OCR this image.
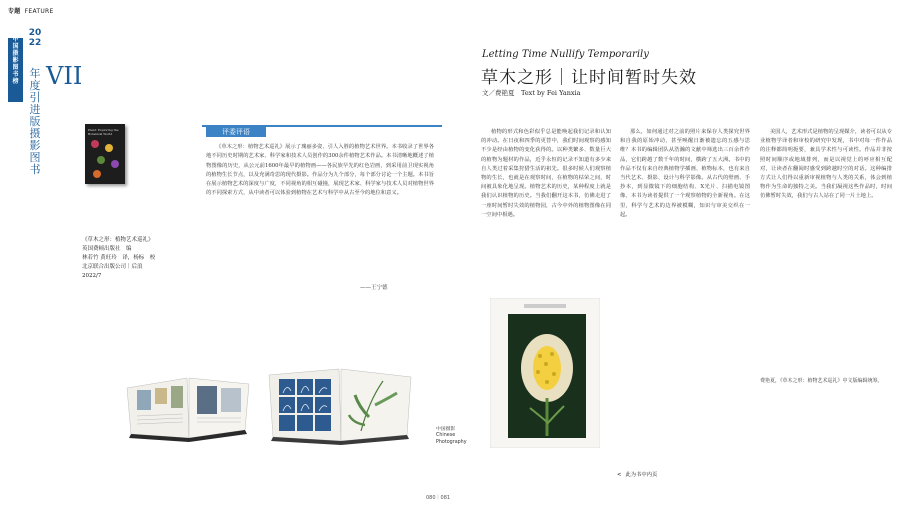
专题 FEATURE
中国摄影图书榜
2022
年度引进版摄影图书
VII
Plant: Exploring the Botanical World	评委评语
《草木之形：植物艺术巡礼》展示了瑰丽多姿、引人入胜的植物艺术世界。本书收录了世界各地不同历史时期的艺术家、科学家和技术人员创作的300余件植物艺术作品。本书清晰地概述了植物图像的历史，从公元前1600年最早的植物画——各民族早先的红色岩画，到采用前卫现实视角的植物生长节点，以及充满奇思的现代摄影。作品分为九个部分，每个部分讨论一个主题。本书旨在展示植物艺术的深度与广度，不同视角的相互碰撞，展现艺术家、科学家与技术人员对植物世界的不同探索方式，从中读者可以体验到植物在艺术与科学中从古至今的地位和意义。
——王宁德
《草木之形：植物艺术巡礼》
英国费顿出版社　编
林若竹 黄旺玲　译，杨标　校
北京联合出版公司｜后浪
2022/7
中国摄影
Chinese
Photography
080｜081
Letting Time Nullify Temporarily
草木之形｜让时间暂时失效
文／费艳夏　Text by Fei Yanxia
植物的形式和色彩似乎总是能唤起我们记录和认知的冲动。在日夜和四季的更替中，我们时间观察的感知不少是经由植物的变化获得的。以种类繁多、数量巨大的植物为题材的作品，近乎永恒的记录不知道有多少来自人类过着采集狩猎生活的祖先。很多时候人们观察植物的生长，也就是在观察时间，在植物的枯荣之间，时间被具象化地呈现。植物艺术的历史，某种程度上就是我们认识植物的历史。当我们翻开这本书，仿佛走进了一座时间暂时失效的植物园，古今中外的植物图像在同一空间中相遇。
那么，如何通过对之前的照片来保存人类探究世界和自我的原始冲动，甚至唤醒日渐被遗忘的五感与思维？本书的编辑团队从浩瀚的文献中筛选出三百余件作品，它们跨越了数千年的时间，横跨了五大洲。书中的作品不仅有来自经典植物学插画、植物标本，也有来自当代艺术、摄影、设计与科学影像。从古代的壁画、手抄本，到显微镜下的细胞结构、X光片、扫描电镜图像，本书为读者提供了一个观察植物的全新视角。在这里，科学与艺术的边界被模糊，知识与审美交织在一起。
美国人，艺术形式是植物的呈现媒介，读者可以从专业植物学译者和审校的研究中发现，书中对每一件作品的注释都简明扼要，兼具学术性与可读性。作品并非按照时间顺序或地域排列，而是以视觉上的呼应相互配对，让读者在翻阅时感受到跨越时空的对话。这种编排方式让人们得以重新审视植物与人类的关系，体会到植物作为生命的独特之美。当我们凝视这些作品时，时间仿佛暂时失效，我们与古人站在了同一片土地上。
< 此为书中内页
费艳夏，《草木之形：植物艺术巡礼》中文版编辑统筹。
